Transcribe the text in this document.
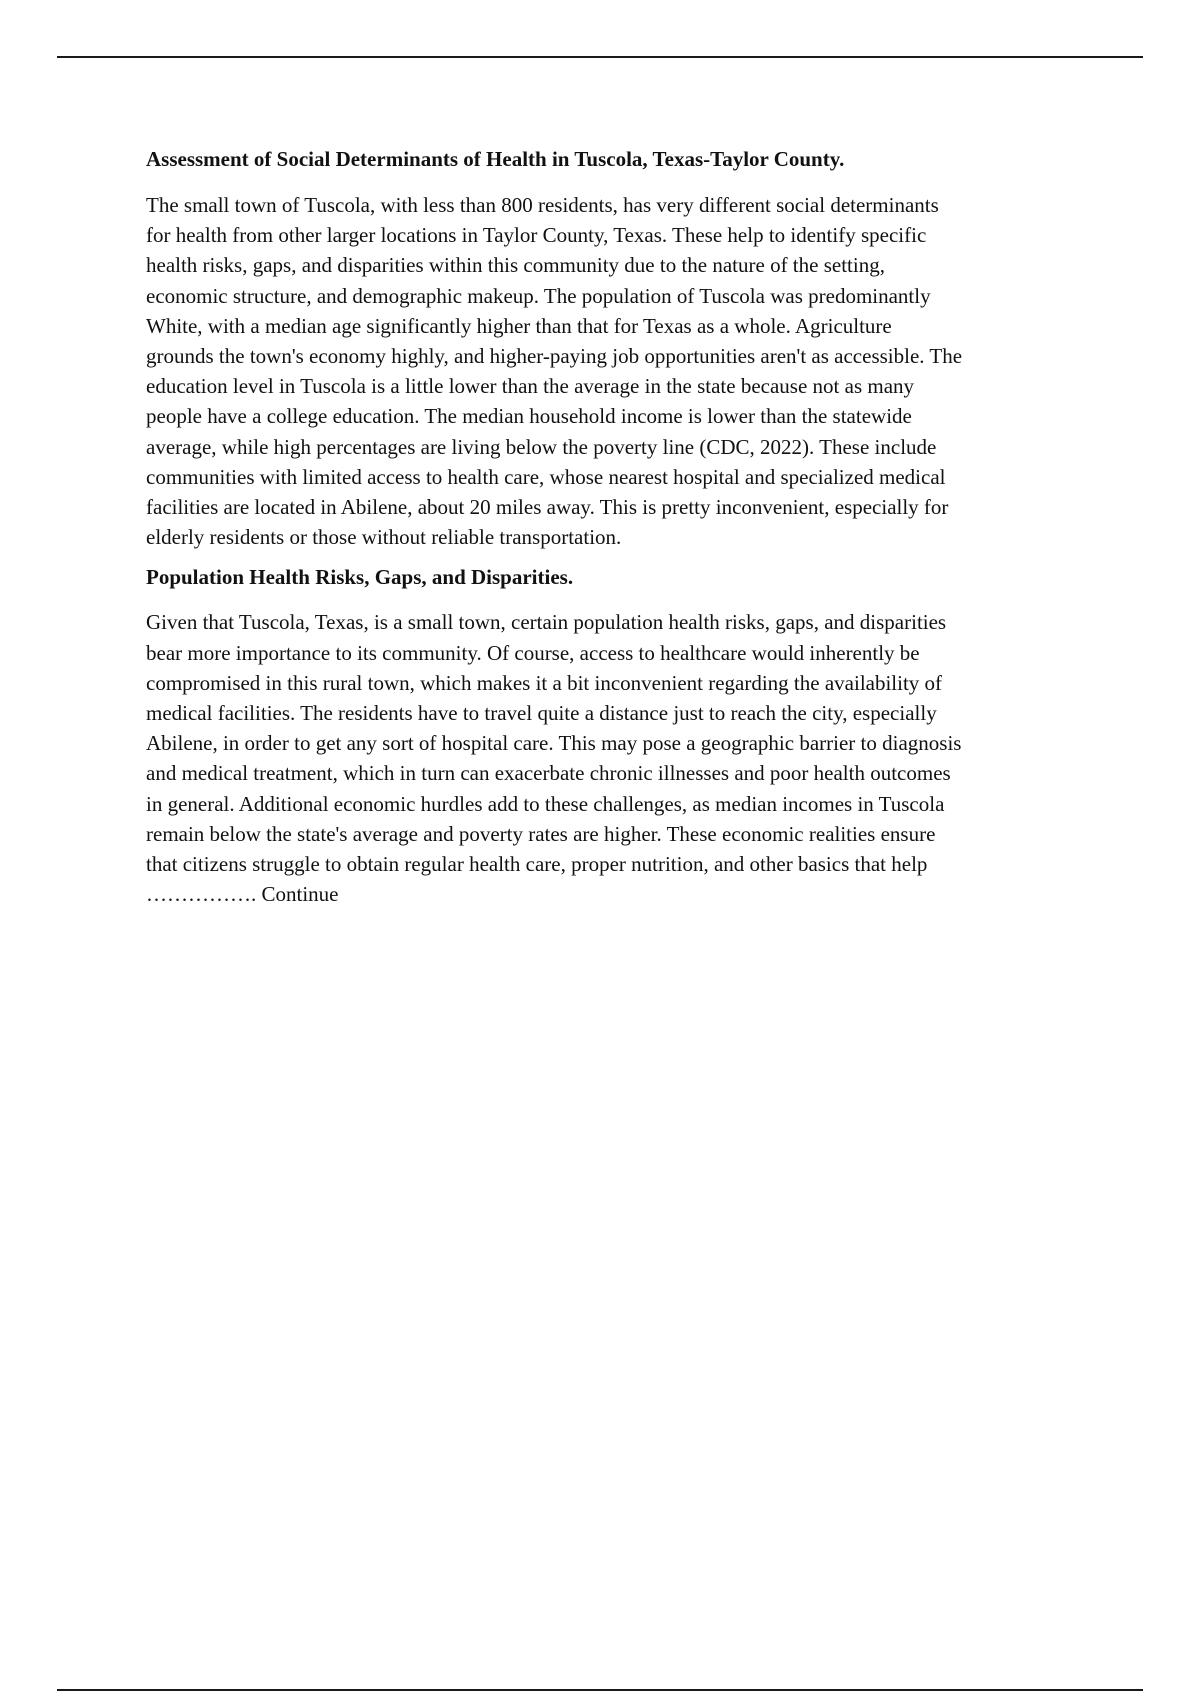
Assessment of Social Determinants of Health in Tuscola, Texas-Taylor County.

The small town of Tuscola, with less than 800 residents, has very different social determinants
for health from other larger locations in Taylor County, Texas. These help to identify specific
health risks, gaps, and disparities within this community due to the nature of the setting,
economic structure, and demographic makeup. The population of Tuscola was predominantly
White, with a median age significantly higher than that for Texas as a whole. Agriculture
grounds the town's economy highly, and higher-paying job opportunities aren't as accessible. The
education level in Tuscola is a little lower than the average in the state because not as many
people have a college education. The median household income is lower than the statewide
average, while high percentages are living below the poverty line (CDC, 2022). These include
communities with limited access to health care, whose nearest hospital and specialized medical
facilities are located in Abilene, about 20 miles away. This is pretty inconvenient, especially for
elderly residents or those without reliable transportation.

Population Health Risks, Gaps, and Disparities.

Given that Tuscola, Texas, is a small town, certain population health risks, gaps, and disparities
bear more importance to its community. Of course, access to healthcare would inherently be
compromised in this rural town, which makes it a bit inconvenient regarding the availability of
medical facilities. The residents have to travel quite a distance just to reach the city, especially
Abilene, in order to get any sort of hospital care. This may pose a geographic barrier to diagnosis
and medical treatment, which in turn can exacerbate chronic illnesses and poor health outcomes
in general. Additional economic hurdles add to these challenges, as median incomes in Tuscola
remain below the state's average and poverty rates are higher. These economic realities ensure
that citizens struggle to obtain regular health care, proper nutrition, and other basics that help
……………. Continue
